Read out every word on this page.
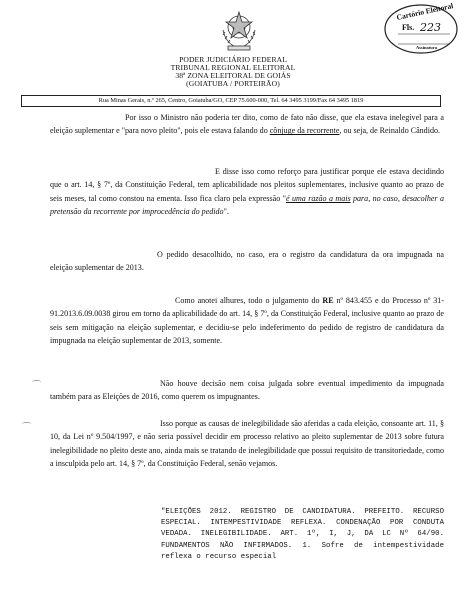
Cartório Eleitoral
Fls. 223
Assinatura
PODER JUDICIÁRIO FEDERAL
TRIBUNAL REGIONAL ELEITORAL
38ª ZONA ELEITORAL DE GOIÁS
(GOIATUBA / PORTEIRÃO)
Rua Minas Gerais, n.º 265, Centro, Goiatuba/GO, CEP 75.600-000, Tel. 64 3495 3199/Fax 64 3495 1819
Por isso o Ministro não poderia ter dito, como de fato não disse, que ela estava inelegível para a eleição suplementar e "para novo pleito", pois ele estava falando do cônjuge da recorrente, ou seja, de Reinaldo Cândido.
E disse isso como reforço para justificar porque ele estava decidindo que o art. 14, § 7º, da Constituição Federal, tem aplicabilidade nos pleitos suplementares, inclusive quanto ao prazo de seis meses, tal como constou na ementa. Isso fica claro pela expressão "é uma razão a mais para, no caso, desacolher a pretensão da recorrente por improcedência do pedido".
O pedido desacolhido, no caso, era o registro da candidatura da ora impugnada na eleição suplementar de 2013.
Como anotei alhures, todo o julgamento do RE nº 843.455 e do Processo nº 31-91.2013.6.09.0038 girou em torno da aplicabilidade do art. 14, § 7º, da Constituição Federal, inclusive quanto ao prazo de seis sem mitigação na eleição suplementar, e decidiu-se pelo indeferimento do pedido de registro de candidatura da impugnada na eleição suplementar de 2013, somente.
⌒	Não houve decisão nem coisa julgada sobre eventual impedimento da impugnada também para as Eleições de 2016, como querem os impugnantes.
⌒	Isso porque as causas de inelegibilidade são aferidas a cada eleição, consoante art. 11, § 10, da Lei nº 9.504/1997, e não seria possível decidir em processo relativo ao pleito suplementar de 2013 sobre futura inelegibilidade no pleito deste ano, ainda mais se tratando de inelegibilidade que possui requisito de transitoriedade, como a insculpida pelo art. 14, § 7º, da Constituição Federal, senão vejamos.
"ELEIÇÕES 2012. REGISTRO DE CANDIDATURA. PREFEITO. RECURSO ESPECIAL. INTEMPESTIVIDADE REFLEXA. CONDENAÇÃO POR CONDUTA VEDADA. INELEGIBILIDADE. ART. 1º, I, J, DA LC Nº 64/90. FUNDAMENTOS NÃO INFIRMADOS. 1. Sofre de intempestividade reflexa o recurso especial
